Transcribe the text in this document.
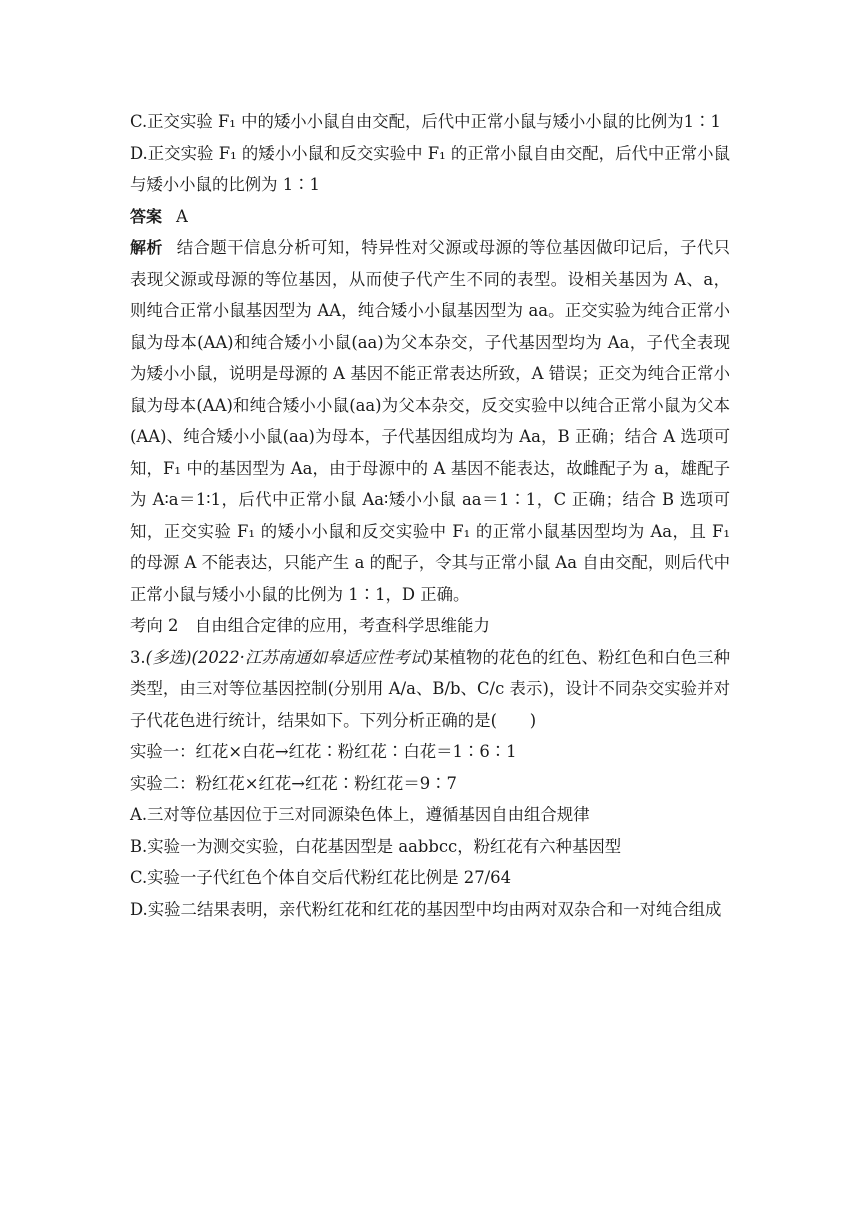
C.正交实验 F₁ 中的矮小小鼠自由交配，后代中正常小鼠与矮小小鼠的比例为1∶1

D.正交实验 F₁ 的矮小小鼠和反交实验中 F₁ 的正常小鼠自由交配，后代中正常小鼠与矮小小鼠的比例为 1∶1

答案 A

解析 结合题干信息分析可知，特异性对父源或母源的等位基因做印记后，子代只表现父源或母源的等位基因，从而使子代产生不同的表型。设相关基因为 A、a，则纯合正常小鼠基因型为 AA，纯合矮小小鼠基因型为 aa。正交实验为纯合正常小鼠为母本(AA)和纯合矮小小鼠(aa)为父本杂交，子代基因型均为 Aa，子代全表现为矮小小鼠，说明是母源的 A 基因不能正常表达所致，A 错误；正交为纯合正常小鼠为母本(AA)和纯合矮小小鼠(aa)为父本杂交，反交实验中以纯合正常小鼠为父本(AA)、纯合矮小小鼠(aa)为母本，子代基因组成均为 Aa，B 正确；结合 A 选项可知，F₁ 中的基因型为 Aa，由于母源中的 A 基因不能表达，故雌配子为 a，雄配子为 A∶a＝1∶1，后代中正常小鼠 Aa∶矮小小鼠 aa＝1∶1，C 正确；结合 B 选项可知，正交实验 F₁ 的矮小小鼠和反交实验中 F₁ 的正常小鼠基因型均为 Aa，且 F₁ 的母源 A 不能表达，只能产生 a 的配子，令其与正常小鼠 Aa 自由交配，则后代中正常小鼠与矮小小鼠的比例为 1∶1，D 正确。

考向 2　自由组合定律的应用，考查科学思维能力

3.(多选)(2022·江苏南通如皋适应性考试)某植物的花色的红色、粉红色和白色三种类型，由三对等位基因控制(分别用 A/a、B/b、C/c 表示)，设计不同杂交实验并对子代花色进行统计，结果如下。下列分析正确的是(　　)

实验一：红花×白花→红花∶粉红花∶白花＝1∶6∶1

实验二：粉红花×红花→红花∶粉红花＝9∶7

A.三对等位基因位于三对同源染色体上，遵循基因自由组合规律

B.实验一为测交实验，白花基因型是 aabbcc，粉红花有六种基因型

C.实验一子代红色个体自交后代粉红花比例是 27/64

D.实验二结果表明，亲代粉红花和红花的基因型中均由两对双杂合和一对纯合组成
